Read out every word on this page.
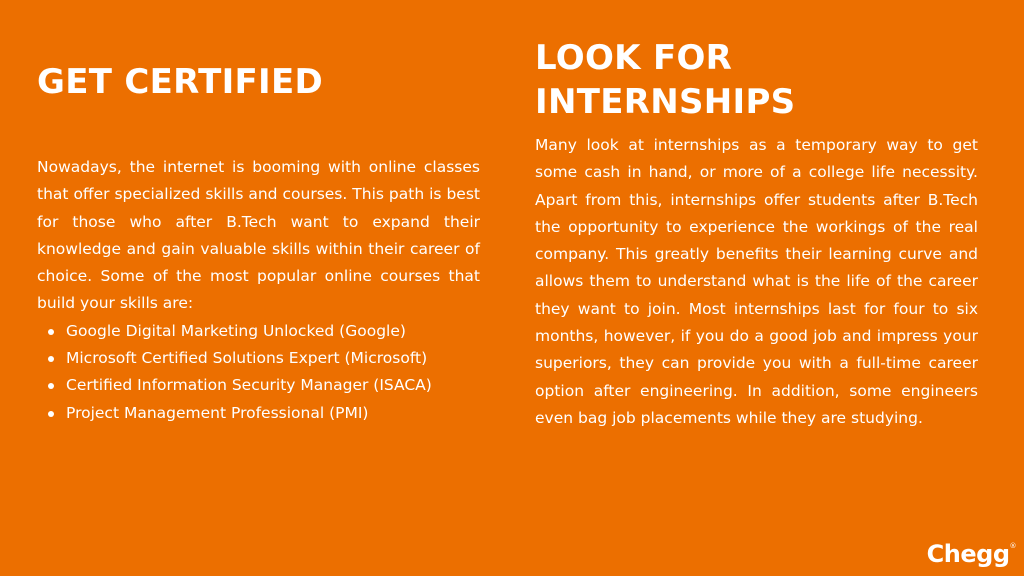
GET CERTIFIED

Nowadays, the internet is booming with online classes that offer specialized skills and courses. This path is best for those who after B.Tech want to expand their knowledge and gain valuable skills within their career of choice. Some of the most popular online courses that build your skills are:

Google Digital Marketing Unlocked (Google)
Microsoft Certified Solutions Expert (Microsoft)
Certified Information Security Manager (ISACA)
Project Management Professional (PMI)
LOOK FOR
INTERNSHIPS

Many look at internships as a temporary way to get some cash in hand, or more of a college life necessity. Apart from this, internships offer students after B.Tech the opportunity to experience the workings of the real company. This greatly benefits their learning curve and allows them to understand what is the life of the career they want to join. Most internships last for four to six months, however, if you do a good job and impress your superiors, they can provide you with a full-time career option after engineering. In addition, some engineers even bag job placements while they are studying.

Chegg®
